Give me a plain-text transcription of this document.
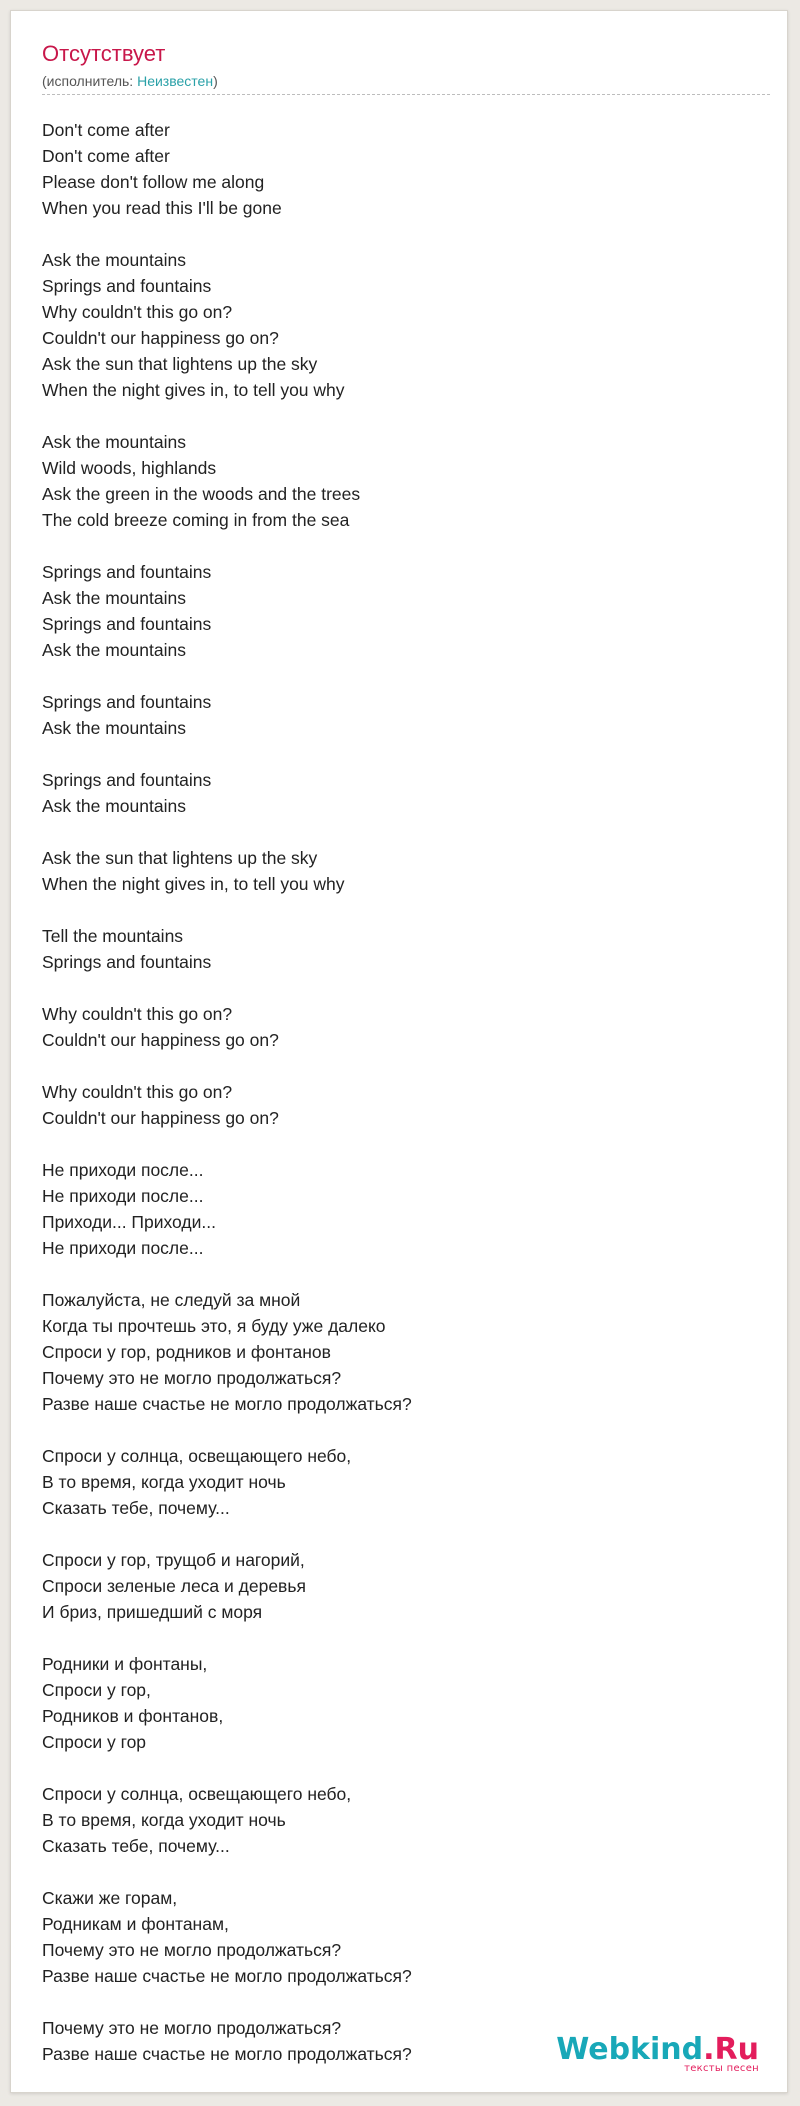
Отсутствует
(исполнитель: Неизвестен)
Don't come after
Don't come after
Please don't follow me along
When you read this I'll be gone
Ask the mountains
Springs and fountains
Why couldn't this go on?
Couldn't our happiness go on?
Ask the sun that lightens up the sky
When the night gives in, to tell you why
Ask the mountains
Wild woods, highlands
Ask the green in the woods and the trees
The cold breeze coming in from the sea
Springs and fountains
Ask the mountains
Springs and fountains
Ask the mountains
Springs and fountains
Ask the mountains
Springs and fountains
Ask the mountains
Ask the sun that lightens up the sky
When the night gives in, to tell you why
Tell the mountains
Springs and fountains
Why couldn't this go on?
Couldn't our happiness go on?
Why couldn't this go on?
Couldn't our happiness go on?
Не приходи после...
Не приходи после...
Приходи... Приходи...
Не приходи после...
Пожалуйста, не следуй за мной
Когда ты прочтешь это, я буду уже далеко
Спроси у гор, родников и фонтанов
Почему это не могло продолжаться?
Разве наше счастье не могло продолжаться?
Спроси у солнца, освещающего небо,
В то время, когда уходит ночь
Сказать тебе, почему...
Спроси у гор, трущоб и нагорий,
Спроси зеленые леса и деревья
И бриз, пришедший с моря
Родники и фонтаны,
Спроси у гор,
Родников и фонтанов,
Спроси у гор
Спроси у солнца, освещающего небо,
В то время, когда уходит ночь
Сказать тебе, почему...
Скажи же горам,
Родникам и фонтанам,
Почему это не могло продолжаться?
Разве наше счастье не могло продолжаться?
Почему это не могло продолжаться?
Разве наше счастье не могло продолжаться?	Webkind.Ru
тексты песен
